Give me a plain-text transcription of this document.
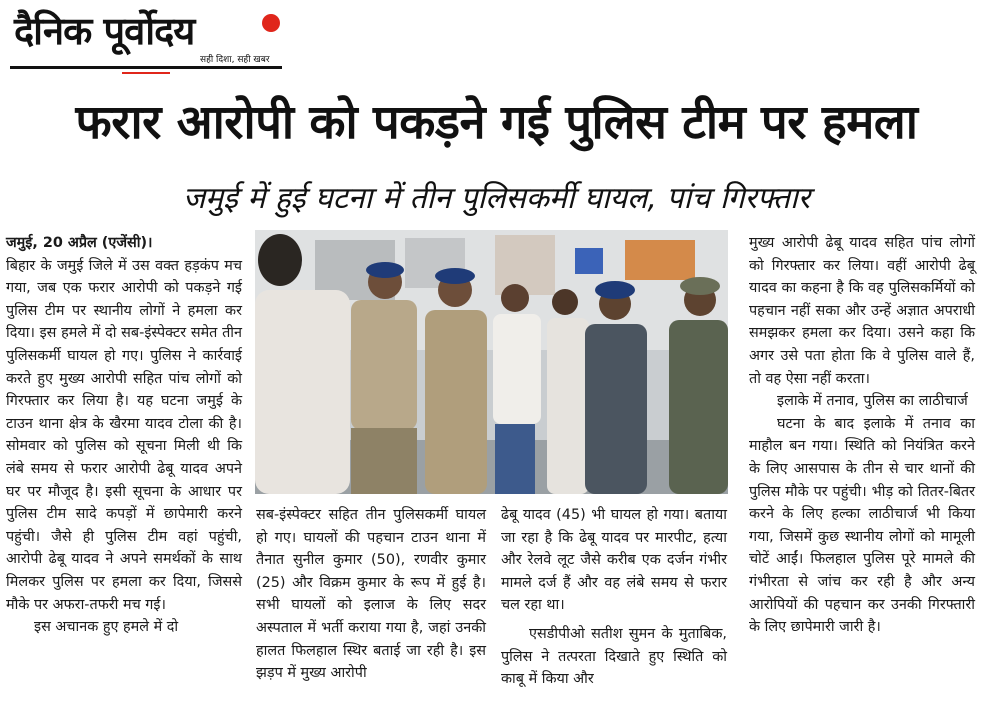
दैनिक पूर्वोदय
सही दिशा, सही खबर
फरार आरोपी को पकड़ने गई पुलिस टीम पर हमला
जमुई में हुई घटना में तीन पुलिसकर्मी घायल, पांच गिरफ्तार

जमुई, 20 अप्रैल (एजेंसी)।

बिहार के जमुई जिले में उस वक्त हड़कंप मच गया, जब एक फरार आरोपी को पकड़ने गई पुलिस टीम पर स्थानीय लोगों ने हमला कर दिया। इस हमले में दो सब-इंस्पेक्टर समेत तीन पुलिसकर्मी घायल हो गए। पुलिस ने कार्रवाई करते हुए मुख्य आरोपी सहित पांच लोगों को गिरफ्तार कर लिया है। यह घटना जमुई के टाउन थाना क्षेत्र के खैरमा यादव टोला की है। सोमवार को पुलिस को सूचना मिली थी कि लंबे समय से फरार आरोपी ढेबू यादव अपने घर पर मौजूद है। इसी सूचना के आधार पर पुलिस टीम सादे कपड़ों में छापेमारी करने पहुंची। जैसे ही पुलिस टीम वहां पहुंची, आरोपी ढेबू यादव ने अपने समर्थकों के साथ मिलकर पुलिस पर हमला कर दिया, जिससे मौके पर अफरा-तफरी मच गई।

इस अचानक हुए हमले में दो

सब-इंस्पेक्टर सहित तीन पुलिसकर्मी घायल हो गए। घायलों की पहचान टाउन थाना में तैनात सुनील कुमार (50), रणवीर कुमार (25) और विक्रम कुमार के रूप में हुई है। सभी घायलों को इलाज के लिए सदर अस्पताल में भर्ती कराया गया है, जहां उनकी हालत फिलहाल स्थिर बताई जा रही है। इस झड़प में मुख्य आरोपी

ढेबू यादव (45) भी घायल हो गया। बताया जा रहा है कि ढेबू यादव पर मारपीट, हत्या और रेलवे लूट जैसे करीब एक दर्जन गंभीर मामले दर्ज हैं और वह लंबे समय से फरार चल रहा था।

एसडीपीओ सतीश सुमन के मुताबिक, पुलिस ने तत्परता दिखाते हुए स्थिति को काबू में किया और

मुख्य आरोपी ढेबू यादव सहित पांच लोगों को गिरफ्तार कर लिया। वहीं आरोपी ढेबू यादव का कहना है कि वह पुलिसकर्मियों को पहचान नहीं सका और उन्हें अज्ञात अपराधी समझकर हमला कर दिया। उसने कहा कि अगर उसे पता होता कि वे पुलिस वाले हैं, तो वह ऐसा नहीं करता।

इलाके में तनाव, पुलिस का लाठीचार्ज

घटना के बाद इलाके में तनाव का माहौल बन गया। स्थिति को नियंत्रित करने के लिए आसपास के तीन से चार थानों की पुलिस मौके पर पहुंची। भीड़ को तितर-बितर करने के लिए हल्का लाठीचार्ज भी किया गया, जिसमें कुछ स्थानीय लोगों को मामूली चोटें आईं। फिलहाल पुलिस पूरे मामले की गंभीरता से जांच कर रही है और अन्य आरोपियों की पहचान कर उनकी गिरफ्तारी के लिए छापेमारी जारी है।
